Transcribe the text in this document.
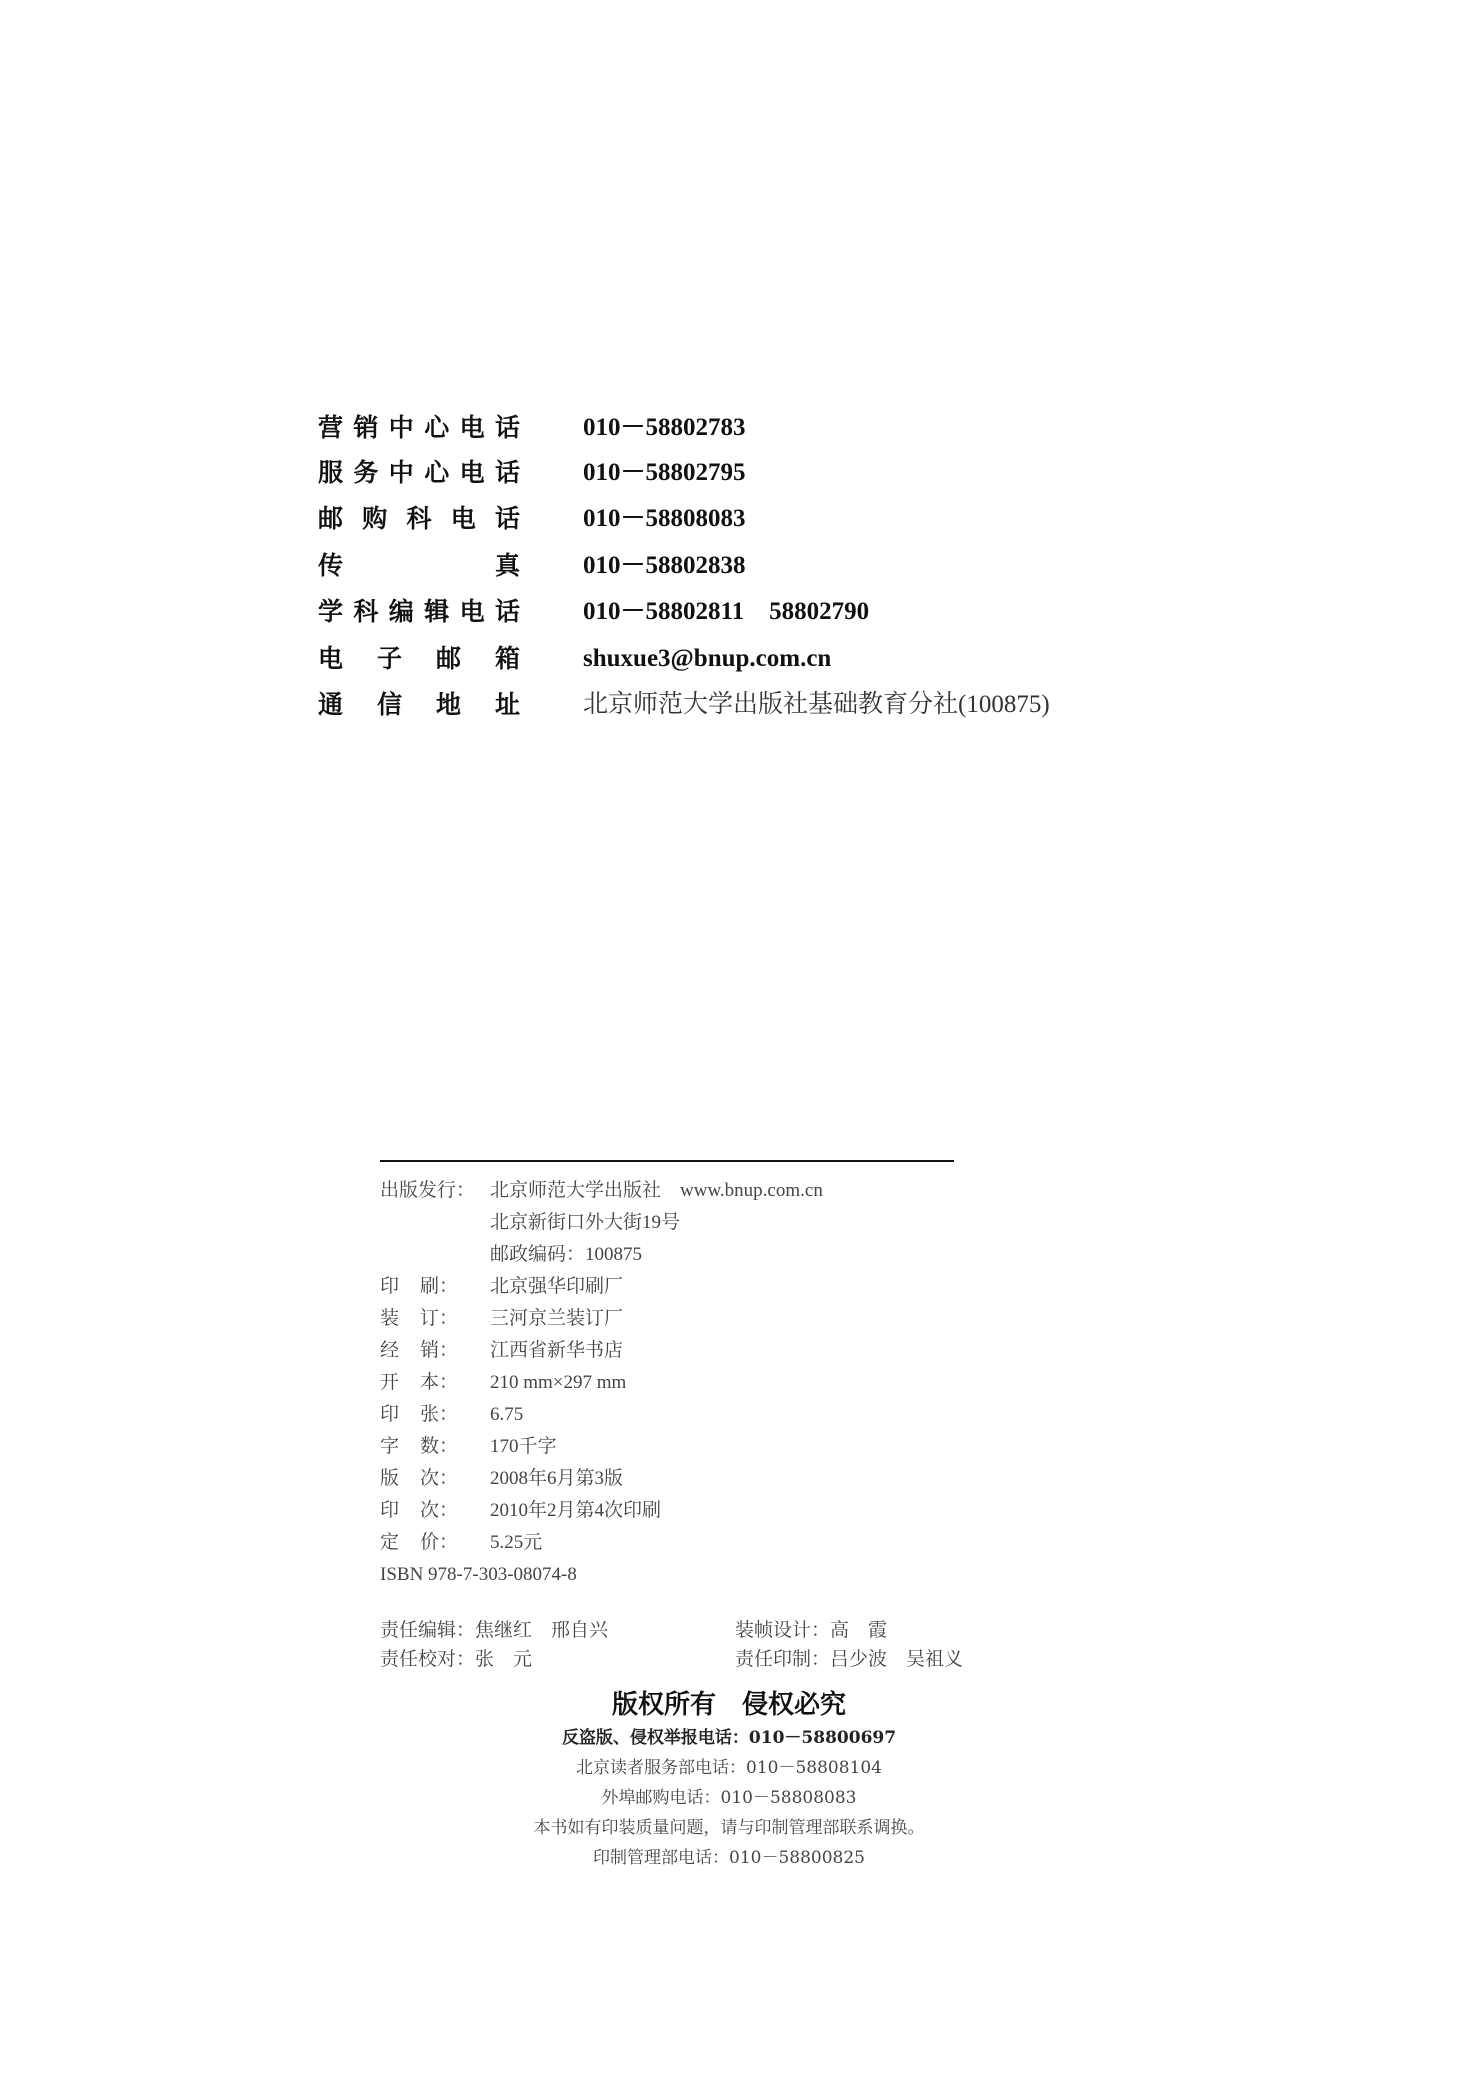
营销中心电话	010－58802783
服务中心电话	010－58802795
邮购科电话	010－58808083
传真	010－58802838
学科编辑电话	010－58802811　58802790
电子邮箱	shuxue3@bnup.com.cn
通信地址	北京师范大学出版社基础教育分社(100875)
出版发行： 北京师范大学出版社　www.bnup.com.cn
北京新街口外大街19号
邮政编码：100875
印 刷： 北京强华印刷厂
装 订： 三河京兰装订厂
经 销： 江西省新华书店
开 本： 210 mm×297 mm
印 张： 6.75
字 数： 170千字
版 次： 2008年6月第3版
印 次： 2010年2月第4次印刷
定 价： 5.25元
ISBN 978-7-303-08074-8
责任编辑：焦继红　邢自兴	装帧设计：高　霞
责任校对：张　元	责任印制：吕少波　吴祖义
版权所有　侵权必究
反盗版、侵权举报电话：010－58800697
北京读者服务部电话：010－58808104
外埠邮购电话：010－58808083
本书如有印装质量问题，请与印制管理部联系调换。
印制管理部电话：010－58800825
